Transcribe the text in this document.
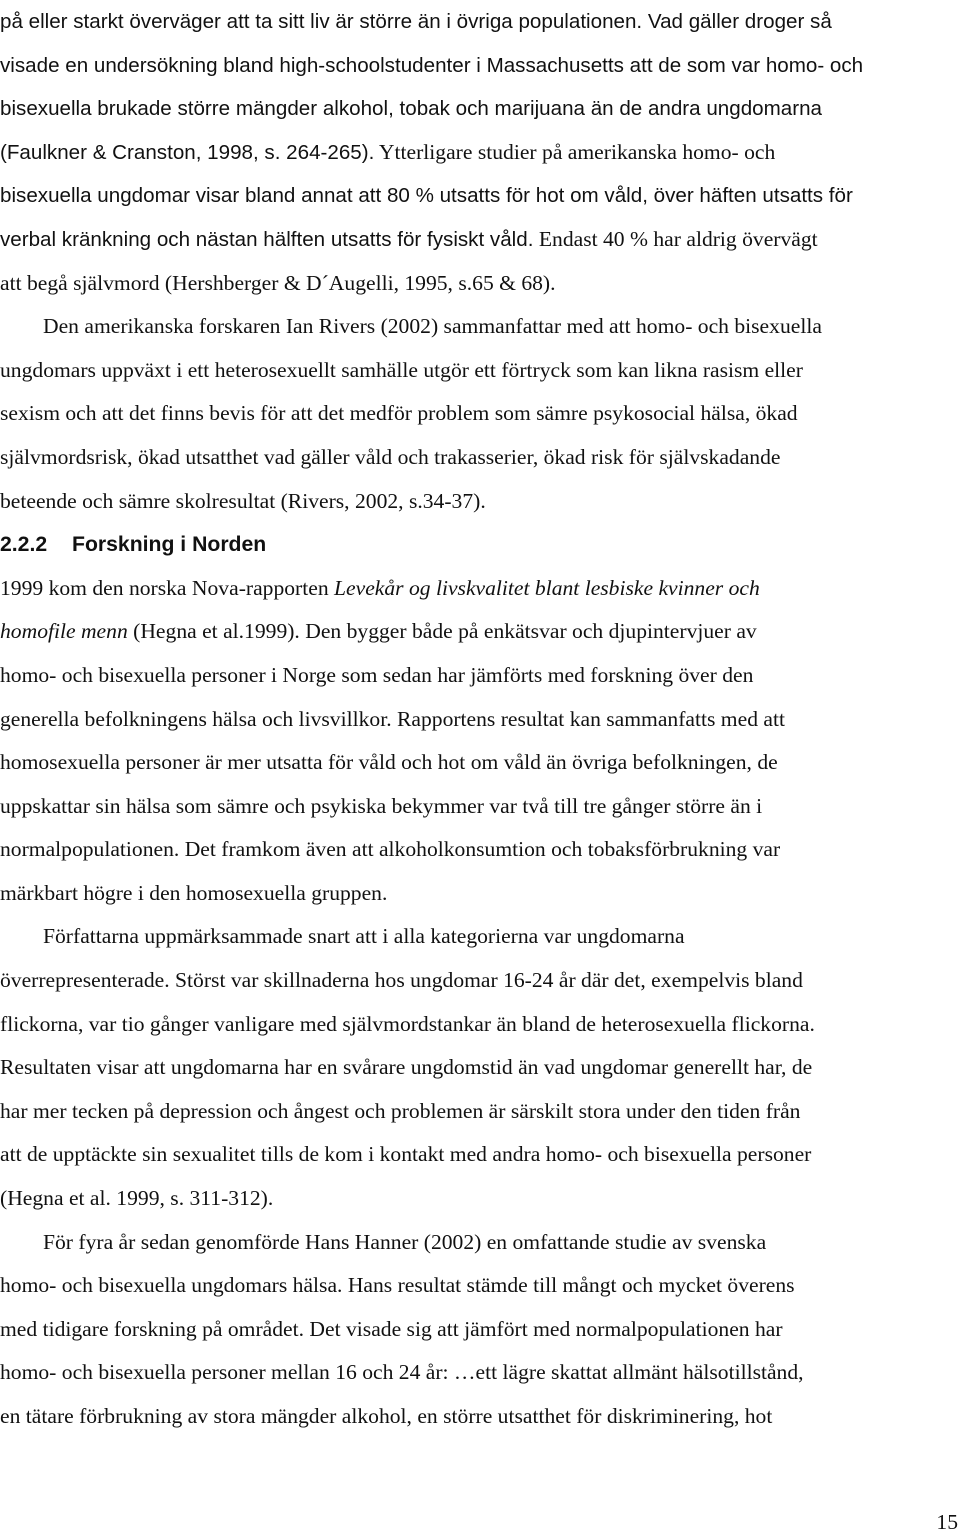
på eller starkt överväger att ta sitt liv är större än i övriga populationen. Vad gäller droger så
visade en undersökning bland high-schoolstudenter i Massachusetts att de som var homo- och
bisexuella brukade större mängder alkohol, tobak och marijuana än de andra ungdomarna
(Faulkner & Cranston, 1998, s. 264-265). Ytterligare studier på amerikanska homo- och
bisexuella ungdomar visar bland annat att 80 % utsatts för hot om våld, över häften utsatts för
verbal kränkning och nästan hälften utsatts för fysiskt våld. Endast 40 % har aldrig övervägt
att begå självmord (Hershberger & D´Augelli, 1995, s.65 & 68).
Den amerikanska forskaren Ian Rivers (2002) sammanfattar med att homo- och bisexuella
ungdomars uppväxt i ett heterosexuellt samhälle utgör ett förtryck som kan likna rasism eller
sexism och att det finns bevis för att det medför problem som sämre psykosocial hälsa, ökad
självmordsrisk, ökad utsatthet vad gäller våld och trakasserier, ökad risk för självskadande
beteende och sämre skolresultat (Rivers, 2002, s.34-37).
2.2.2 Forskning i Norden
1999 kom den norska Nova-rapporten Levekår og livskvalitet blant lesbiske kvinner och
homofile menn (Hegna et al.1999). Den bygger både på enkätsvar och djupintervjuer av
homo- och bisexuella personer i Norge som sedan har jämförts med forskning över den
generella befolkningens hälsa och livsvillkor. Rapportens resultat kan sammanfatts med att
homosexuella personer är mer utsatta för våld och hot om våld än övriga befolkningen, de
uppskattar sin hälsa som sämre och psykiska bekymmer var två till tre gånger större än i
normalpopulationen. Det framkom även att alkoholkonsumtion och tobaksförbrukning var
märkbart högre i den homosexuella gruppen.
Författarna uppmärksammade snart att i alla kategorierna var ungdomarna
överrepresenterade. Störst var skillnaderna hos ungdomar 16-24 år där det, exempelvis bland
flickorna, var tio gånger vanligare med självmordstankar än bland de heterosexuella flickorna.
Resultaten visar att ungdomarna har en svårare ungdomstid än vad ungdomar generellt har, de
har mer tecken på depression och ångest och problemen är särskilt stora under den tiden från
att de upptäckte sin sexualitet tills de kom i kontakt med andra homo- och bisexuella personer
(Hegna et al. 1999, s. 311-312).
För fyra år sedan genomförde Hans Hanner (2002) en omfattande studie av svenska
homo- och bisexuella ungdomars hälsa. Hans resultat stämde till mångt och mycket överens
med tidigare forskning på området. Det visade sig att jämfört med normalpopulationen har
homo- och bisexuella personer mellan 16 och 24 år: …ett lägre skattat allmänt hälsotillstånd,
en tätare förbrukning av stora mängder alkohol, en större utsatthet för diskriminering, hot
15
